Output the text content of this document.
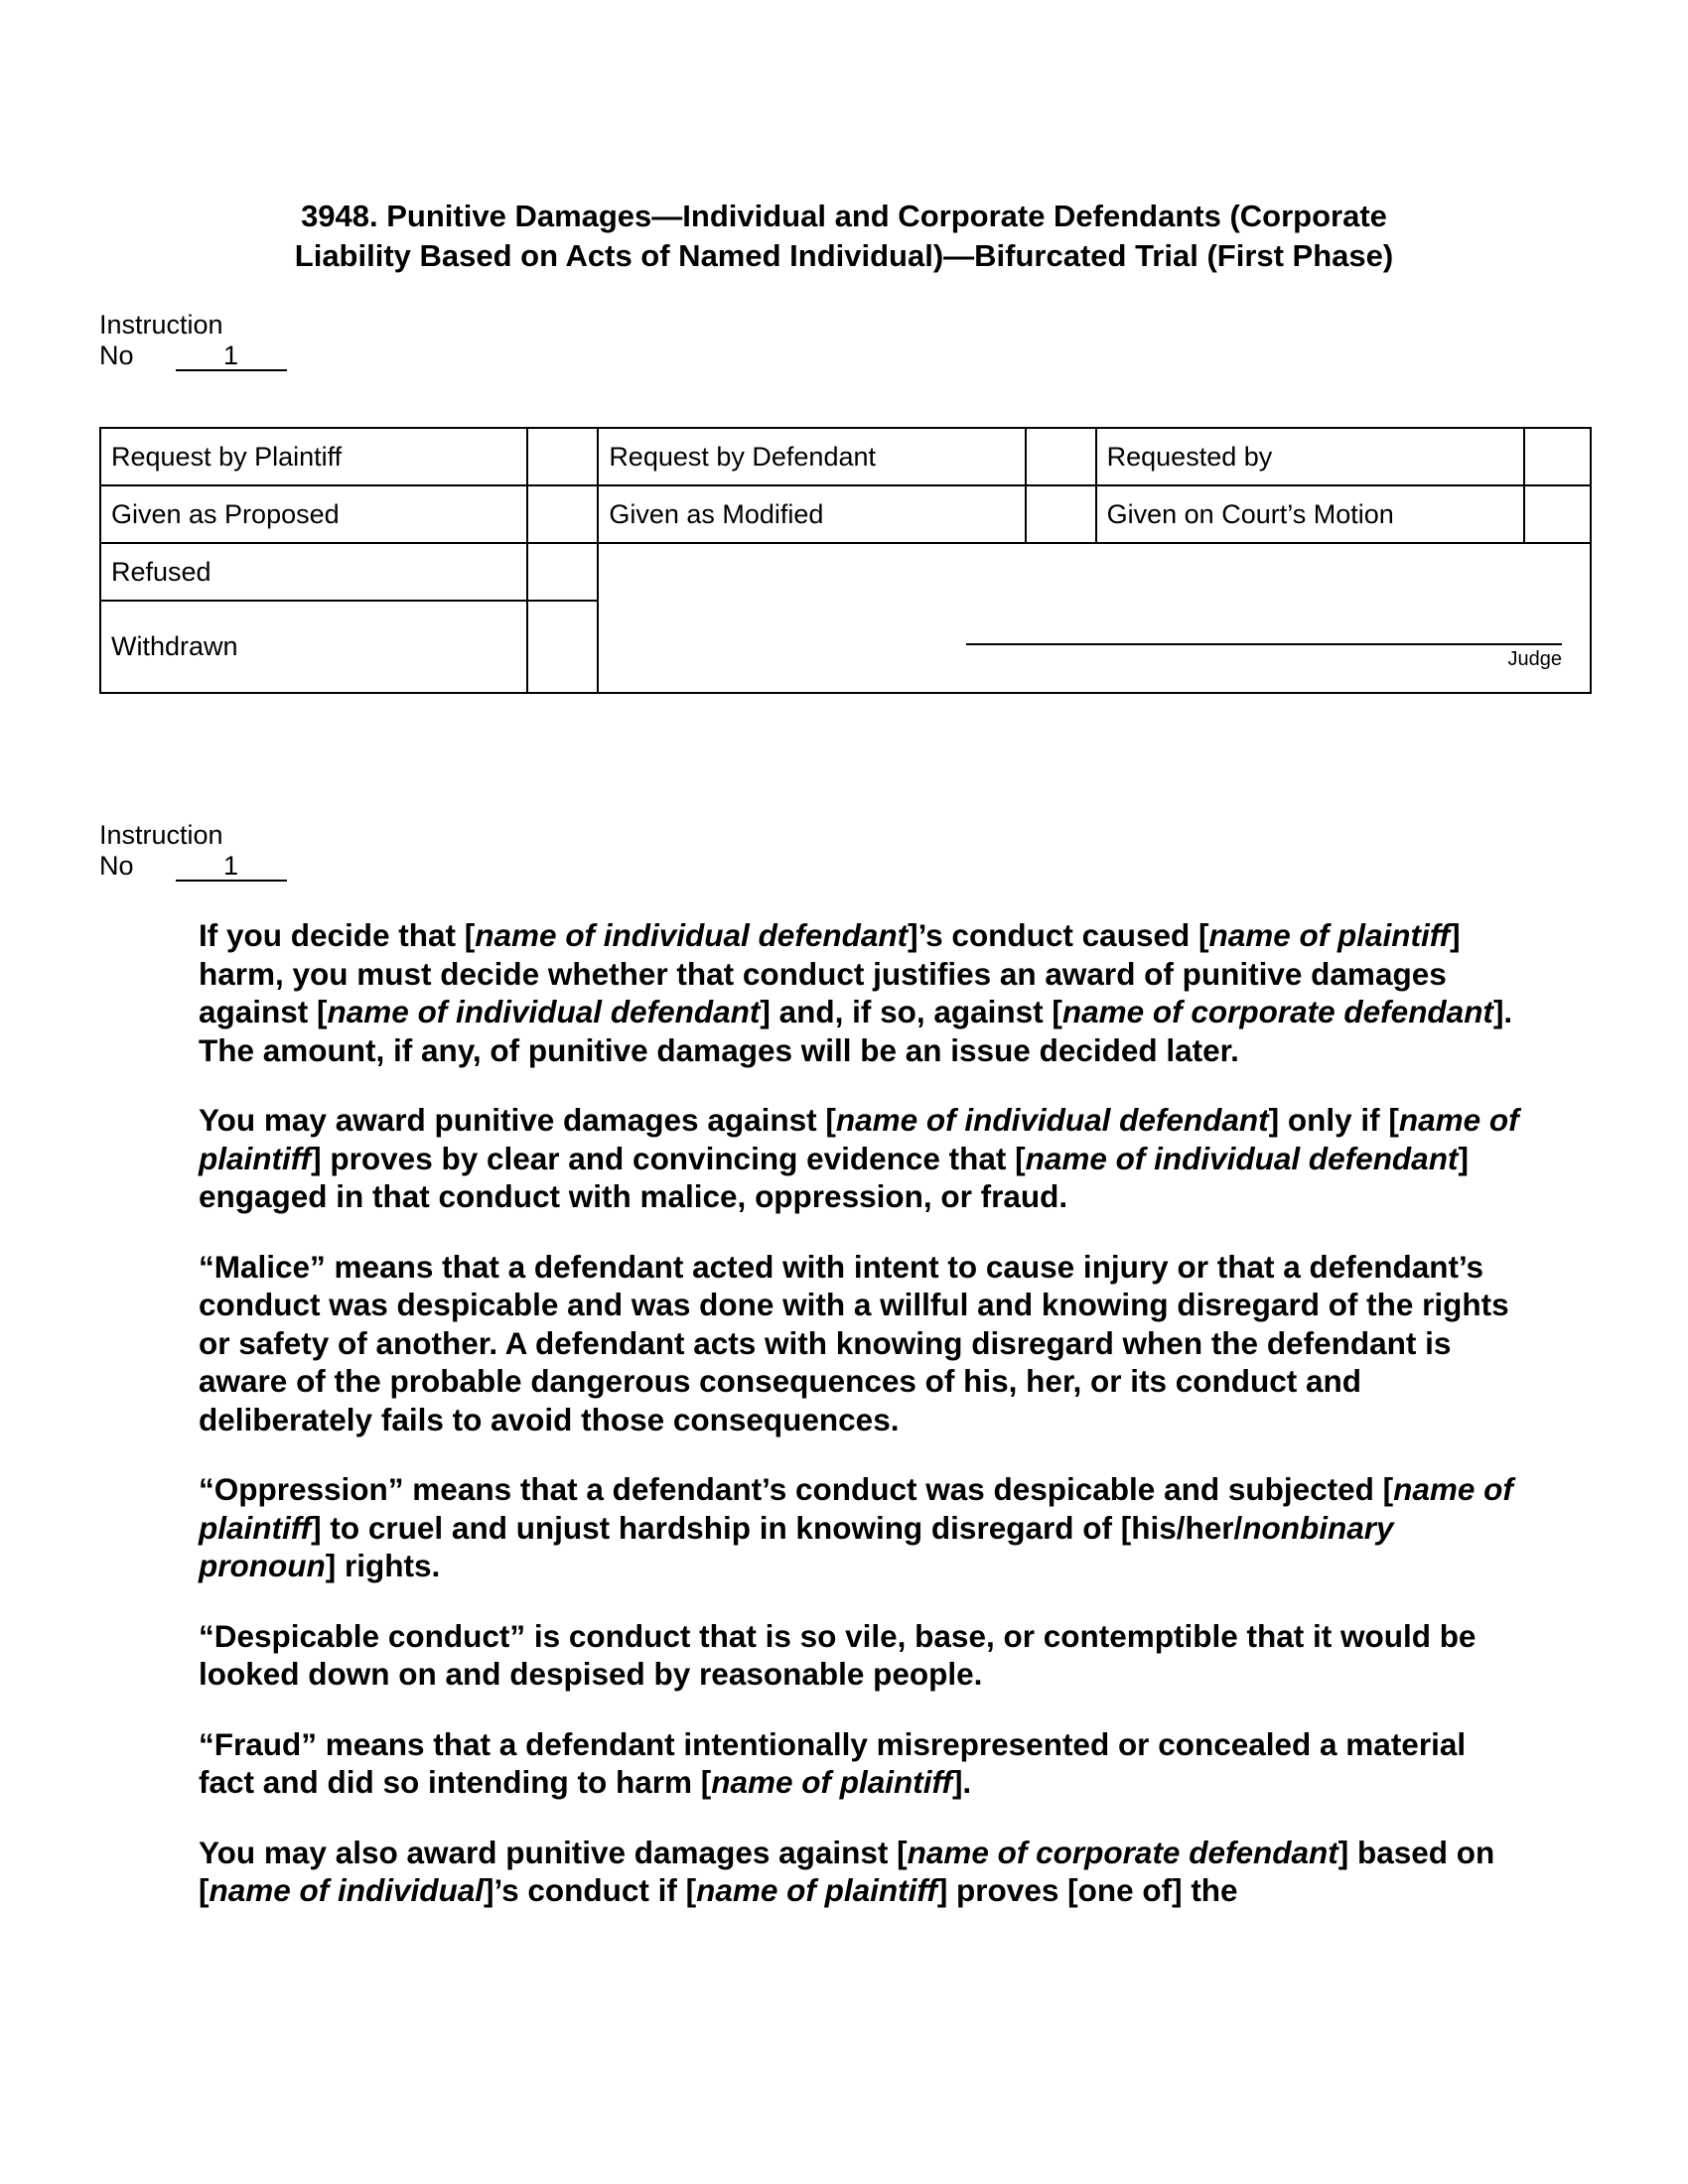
3948. Punitive Damages—Individual and Corporate Defendants (Corporate
Liability Based on Acts of Named Individual)—Bifurcated Trial (First Phase)
Instruction
No	1
Request by Plaintiff		Request by Defendant		Requested by	
Given as Proposed		Given as Modified		Given on Court’s Motion	
Refused		Judge			

Withdrawn					
Instruction
No	1

If you decide that [name of individual defendant]’s conduct caused [name of plaintiff] harm, you must decide whether that conduct justifies an award of punitive damages against [name of individual defendant] and, if so, against [name of corporate defendant]. The amount, if any, of punitive damages will be an issue decided later.

You may award punitive damages against [name of individual defendant] only if [name of plaintiff] proves by clear and convincing evidence that [name of individual defendant] engaged in that conduct with malice, oppression, or fraud.

“Malice” means that a defendant acted with intent to cause injury or that a defendant’s conduct was despicable and was done with a willful and knowing disregard of the rights or safety of another. A defendant acts with knowing disregard when the defendant is aware of the probable dangerous consequences of his, her, or its conduct and deliberately fails to avoid those consequences.

“Oppression” means that a defendant’s conduct was despicable and subjected [name of plaintiff] to cruel and unjust hardship in knowing disregard of [his/her/nonbinary pronoun] rights.

“Despicable conduct” is conduct that is so vile, base, or contemptible that it would be looked down on and despised by reasonable people.

“Fraud” means that a defendant intentionally misrepresented or concealed a material fact and did so intending to harm [name of plaintiff].

You may also award punitive damages against [name of corporate defendant] based on [name of individual]’s conduct if [name of plaintiff] proves [one of] the
